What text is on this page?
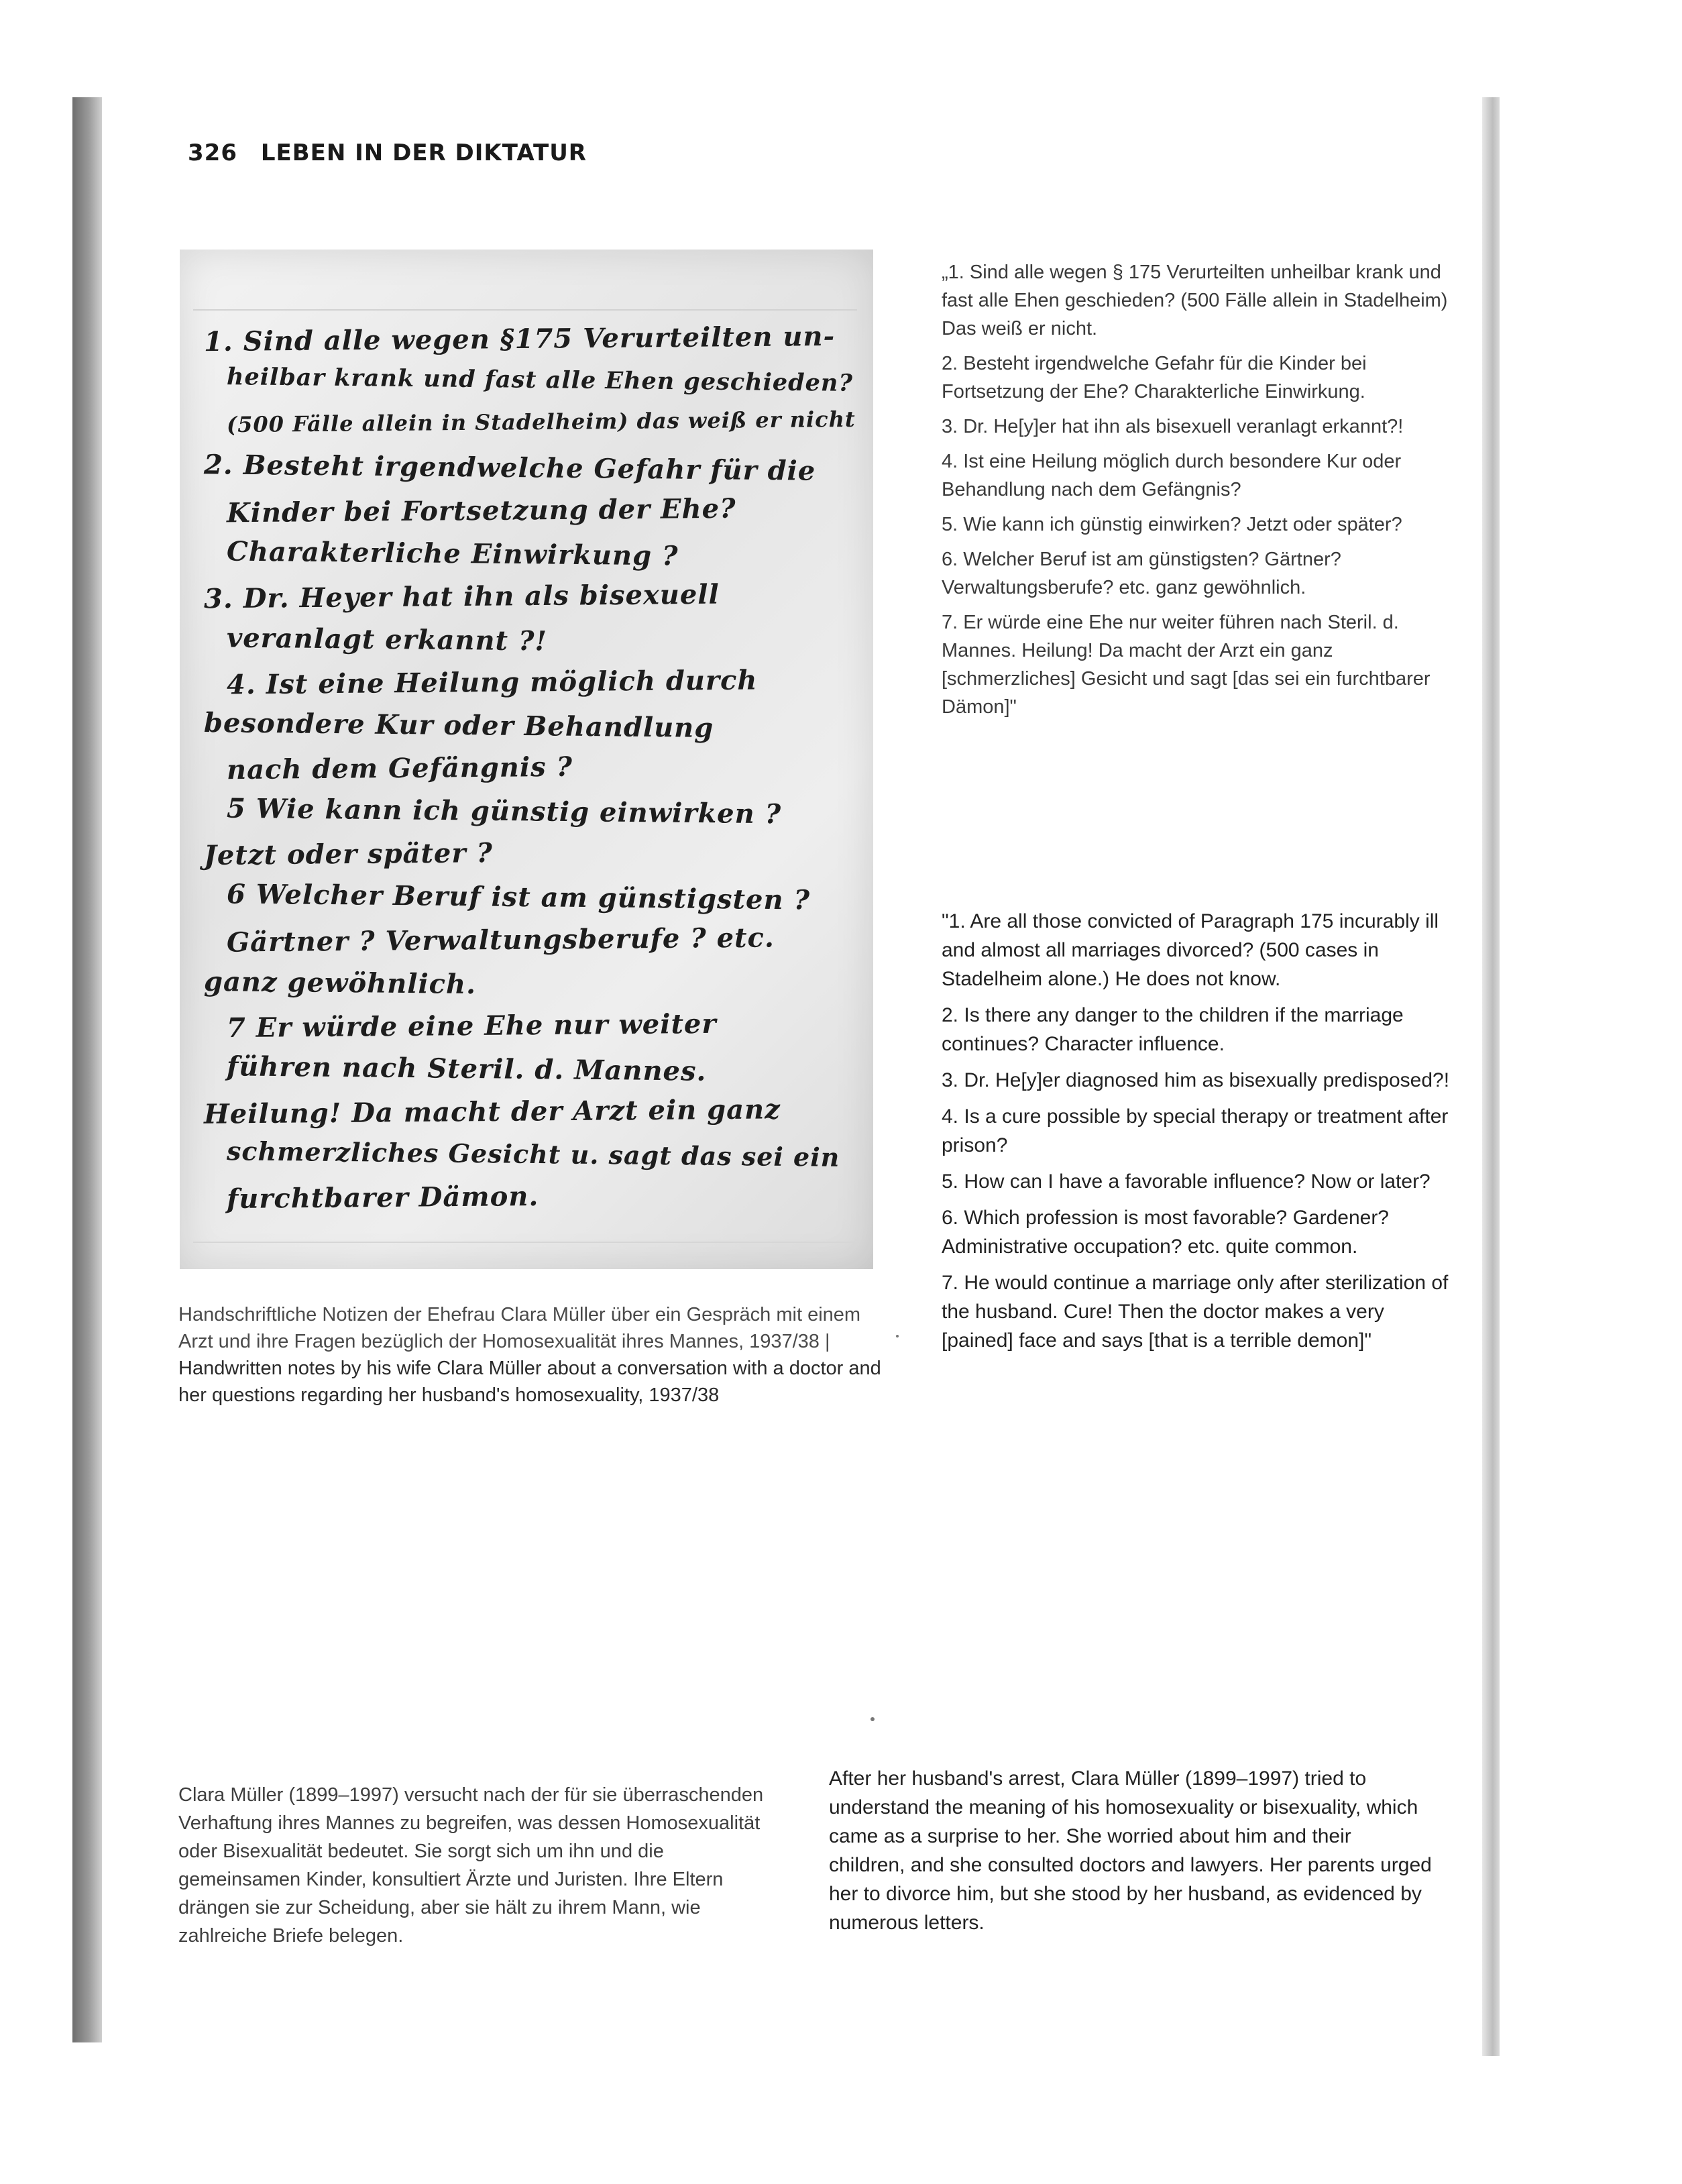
326 LEBEN IN DER DIKTATUR
1. Sind alle wegen §175 Verurteilten un-
heilbar krank und fast alle Ehen geschieden?
(500 Fälle allein in Stadelheim) das weiß er nicht
2. Besteht irgendwelche Gefahr für die
Kinder bei Fortsetzung der Ehe?
Charakterliche Einwirkung ?
3. Dr. Heyer hat ihn als bisexuell
veranlagt erkannt ?!
4. Ist eine Heilung möglich durch
besondere Kur oder Behandlung
nach dem Gefängnis ?
5 Wie kann ich günstig einwirken ?
Jetzt oder später ?
6 Welcher Beruf ist am günstigsten ?
Gärtner ? Verwaltungsberufe ? etc.
ganz gewöhnlich.
7 Er würde eine Ehe nur weiter
führen nach Steril. d. Mannes.
Heilung! Da macht der Arzt ein ganz
schmerzliches Gesicht u. sagt das sei ein
furchtbarer Dämon.
Handschriftliche Notizen der Ehefrau Clara Müller über ein Gespräch mit einem Arzt und ihre Fragen bezüglich der Homosexualität ihres Mannes, 1937/38 | Handwritten notes by his wife Clara Müller about a conversation with a doctor and her questions regarding her husband's homosexuality, 1937/38

„1. Sind alle wegen § 175 Verurteilten unheilbar krank und fast alle Ehen geschieden? (500 Fälle allein in Stadelheim) Das weiß er nicht.

2. Besteht irgendwelche Gefahr für die Kinder bei Fortsetzung der Ehe? Charakterliche Einwirkung.

3. Dr. He[y]er hat ihn als bisexuell veranlagt erkannt?!

4. Ist eine Heilung möglich durch besondere Kur oder Behandlung nach dem Gefängnis?

5. Wie kann ich günstig einwirken? Jetzt oder später?

6. Welcher Beruf ist am günstigsten? Gärtner? Verwaltungsberufe? etc. ganz gewöhnlich.

7. Er würde eine Ehe nur weiter führen nach Steril. d. Mannes. Heilung! Da macht der Arzt ein ganz [schmerzliches] Gesicht und sagt [das sei ein furchtbarer Dämon]"

"1. Are all those convicted of Paragraph 175 incurably ill and almost all marriages divorced? (500 cases in Stadelheim alone.) He does not know.

2. Is there any danger to the children if the marriage continues? Character influence.

3. Dr. He[y]er diagnosed him as bisexually predisposed?!

4. Is a cure possible by special therapy or treatment after prison?

5. How can I have a favorable influence? Now or later?

6. Which profession is most favorable? Gardener? Administrative occupation? etc. quite common.

7. He would continue a marriage only after sterilization of the husband. Cure! Then the doctor makes a very [pained] face and says [that is a terrible demon]"

Clara Müller (1899–1997) versucht nach der für sie überraschenden Verhaftung ihres Mannes zu begreifen, was dessen Homosexualität oder Bisexualität bedeutet. Sie sorgt sich um ihn und die gemeinsamen Kinder, konsultiert Ärzte und Juristen. Ihre Eltern drängen sie zur Scheidung, aber sie hält zu ihrem Mann, wie zahlreiche Briefe belegen.
After her husband's arrest, Clara Müller (1899–1997) tried to understand the meaning of his homosexuality or bisexuality, which came as a surprise to her. She worried about him and their children, and she consulted doctors and lawyers. Her parents urged her to divorce him, but she stood by her husband, as evidenced by numerous letters.
